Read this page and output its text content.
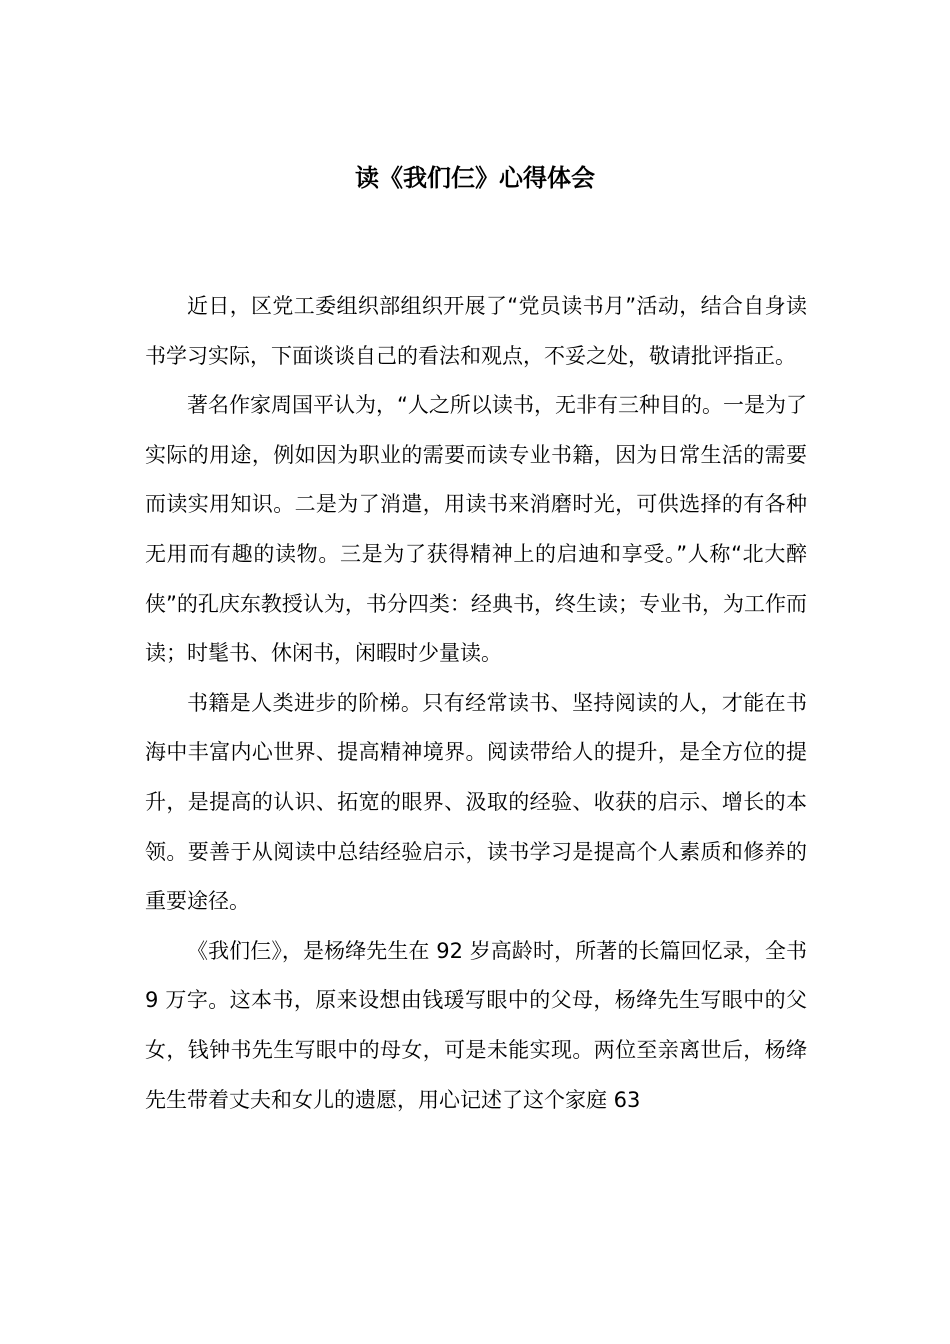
读《我们仨》心得体会

近日，区党工委组织部组织开展了“党员读书月”活动，结合自身读书学习实际，下面谈谈自己的看法和观点，不妥之处，敬请批评指正。

著名作家周国平认为，“人之所以读书，无非有三种目的。一是为了实际的用途，例如因为职业的需要而读专业书籍，因为日常生活的需要而读实用知识。二是为了消遣，用读书来消磨时光，可供选择的有各种无用而有趣的读物。三是为了获得精神上的启迪和享受。”人称“北大醉侠”的孔庆东教授认为，书分四类：经典书，终生读；专业书，为工作而读；时髦书、休闲书，闲暇时少量读。

书籍是人类进步的阶梯。只有经常读书、坚持阅读的人，才能在书海中丰富内心世界、提高精神境界。阅读带给人的提升，是全方位的提升，是提高的认识、拓宽的眼界、汲取的经验、收获的启示、增长的本领。要善于从阅读中总结经验启示，读书学习是提高个人素质和修养的重要途径。

《我们仨》，是杨绛先生在 92 岁高龄时，所著的长篇回忆录，全书 9 万字。这本书，原来设想由钱瑗写眼中的父母，杨绛先生写眼中的父女，钱钟书先生写眼中的母女，可是未能实现。两位至亲离世后，杨绛先生带着丈夫和女儿的遗愿，用心记述了这个家庭 63
